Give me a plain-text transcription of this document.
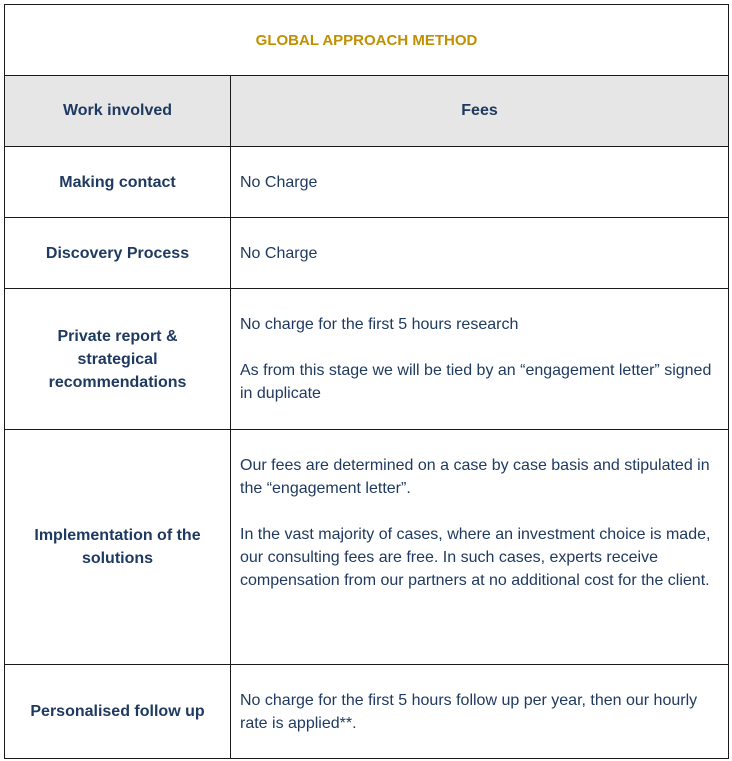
GLOBAL APPROACH METHOD	
Work involved	Fees
Making contact	No Charge

Discovery Process	No Charge

Private report & strategical recommendations	No charge for the first 5 hours research

As from this stage we will be tied by an “engagement letter” signed in duplicate

Implementation of the solutions	Our fees are determined on a case by case basis and stipulated in the “engagement letter”.

In the vast majority of cases, where an investment choice is made, our consulting fees are free. In such cases, experts receive compensation from our partners at no additional cost for the client.

Personalised follow up	No charge for the first 5 hours follow up per year, then our hourly rate is applied**.
